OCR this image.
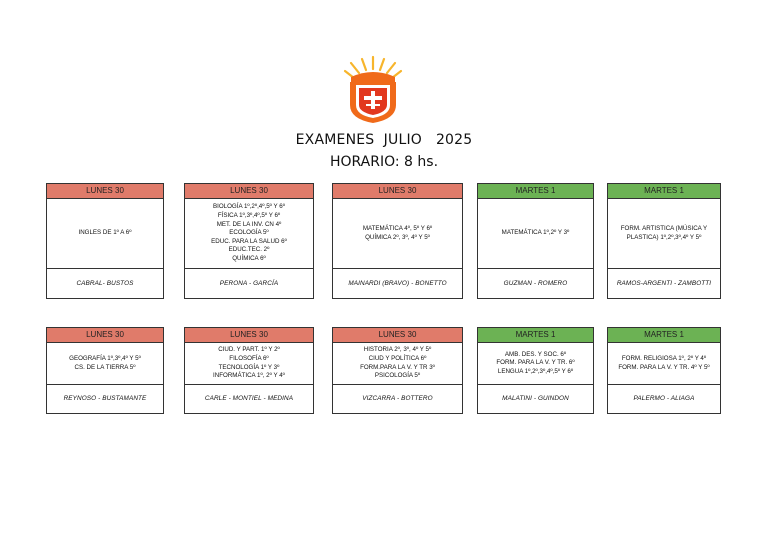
EXAMENES  JULIO   2025
HORARIO: 8 hs.
LUNES 30
INGLES DE 1º A 6º
CABRAL- BUSTOS
LUNES 30
BIOLOGÍA 1º,2º,4º,5º Y 6º
FÍSICA 1º,3º,4º,5º Y 6º
MET. DE LA INV. CN 4º
ECOLOGÍA 5º
EDUC. PARA LA SALUD 6º
EDUC.TEC. 2º
QUÍMICA 6º
PERONA - GARCÍA
LUNES 30
MATEMÁTICA 4º, 5º Y 6º
QUÍMICA 2º, 3º, 4º Y 5º
MAINARDI (BRAVO) - BONETTO
MARTES 1
MATEMÁTICA 1º,2º Y 3º
GUZMAN - ROMERO
MARTES 1
FORM. ARTISTICA (MÚSICA Y PLASTICA) 1º,2º,3º,4º Y 5º
RAMOS-ARGENTI - ZAMBOTTI
LUNES 30
GEOGRAFÍA 1º,3º,4º Y 5º
CS. DE LA TIERRA 5º
REYNOSO - BUSTAMANTE
LUNES 30
CIUD. Y PART. 1º Y 2º
FILOSOFÍA 6º
TECNOLOGÍA 1º Y 3º
INFORMÁTICA 1º, 2º Y 4º
CARLE - MONTIEL - MEDINA
LUNES 30
HISTORIA 2º, 3º, 4º Y 5º
CIUD Y POLÍTICA 6º
FORM.PARA LA V. Y TR 3º
PSICOLOGÍA 5º
VIZCARRA - BOTTERO
MARTES 1
AMB. DES. Y SOC. 6º
FORM. PARA LA V. Y TR. 6º
LENGUA 1º,2º,3º,4º,5º Y 6º
MALATINI - GUINDON
MARTES 1
FORM. RELIGIOSA 1º, 2º Y 4º
FORM. PARA LA V. Y TR. 4º Y 5º
PALERMO - ALIAGA
